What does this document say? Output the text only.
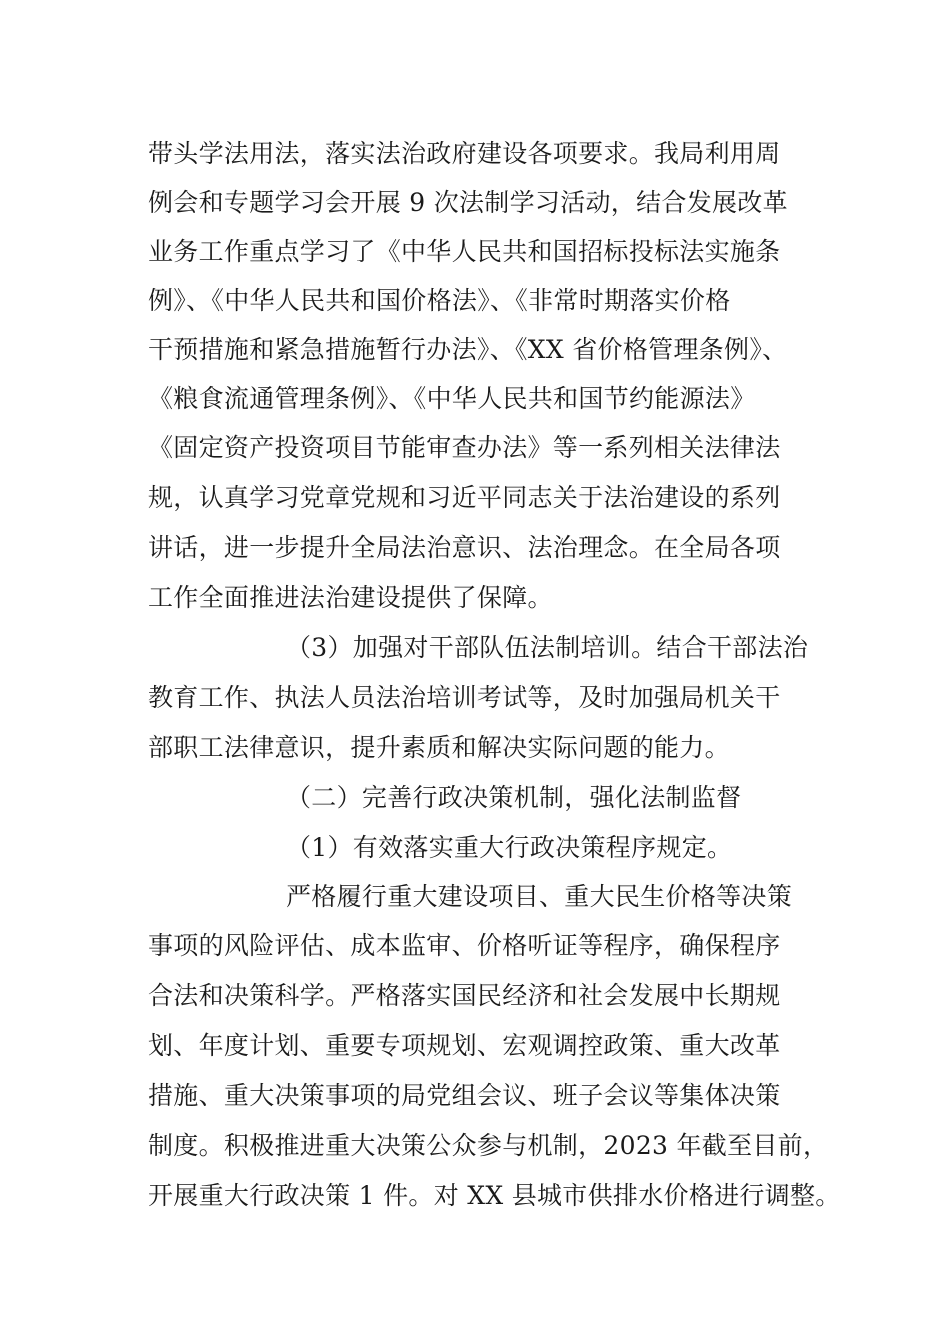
带头学法用法，落实法治政府建设各项要求。我局利用周
例会和专题学习会开展 9 次法制学习活动，结合发展改革
业务工作重点学习了《中华人民共和国招标投标法实施条
例》、《中华人民共和国价格法》、《非常时期落实价格
干预措施和紧急措施暂行办法》、《XX 省价格管理条例》、
《粮食流通管理条例》、《中华人民共和国节约能源法》
《固定资产投资项目节能审查办法》等一系列相关法律法
规，认真学习党章党规和习近平同志关于法治建设的系列
讲话，进一步提升全局法治意识、法治理念。在全局各项
工作全面推进法治建设提供了保障。
（3）加强对干部队伍法制培训。结合干部法治
教育工作、执法人员法治培训考试等，及时加强局机关干
部职工法律意识，提升素质和解决实际问题的能力。
（二）完善行政决策机制，强化法制监督
（1）有效落实重大行政决策程序规定。
严格履行重大建设项目、重大民生价格等决策
事项的风险评估、成本监审、价格听证等程序，确保程序
合法和决策科学。严格落实国民经济和社会发展中长期规
划、年度计划、重要专项规划、宏观调控政策、重大改革
措施、重大决策事项的局党组会议、班子会议等集体决策
制度。积极推进重大决策公众参与机制，2023 年截至目前，
开展重大行政决策 1 件。对 XX 县城市供排水价格进行调整。
